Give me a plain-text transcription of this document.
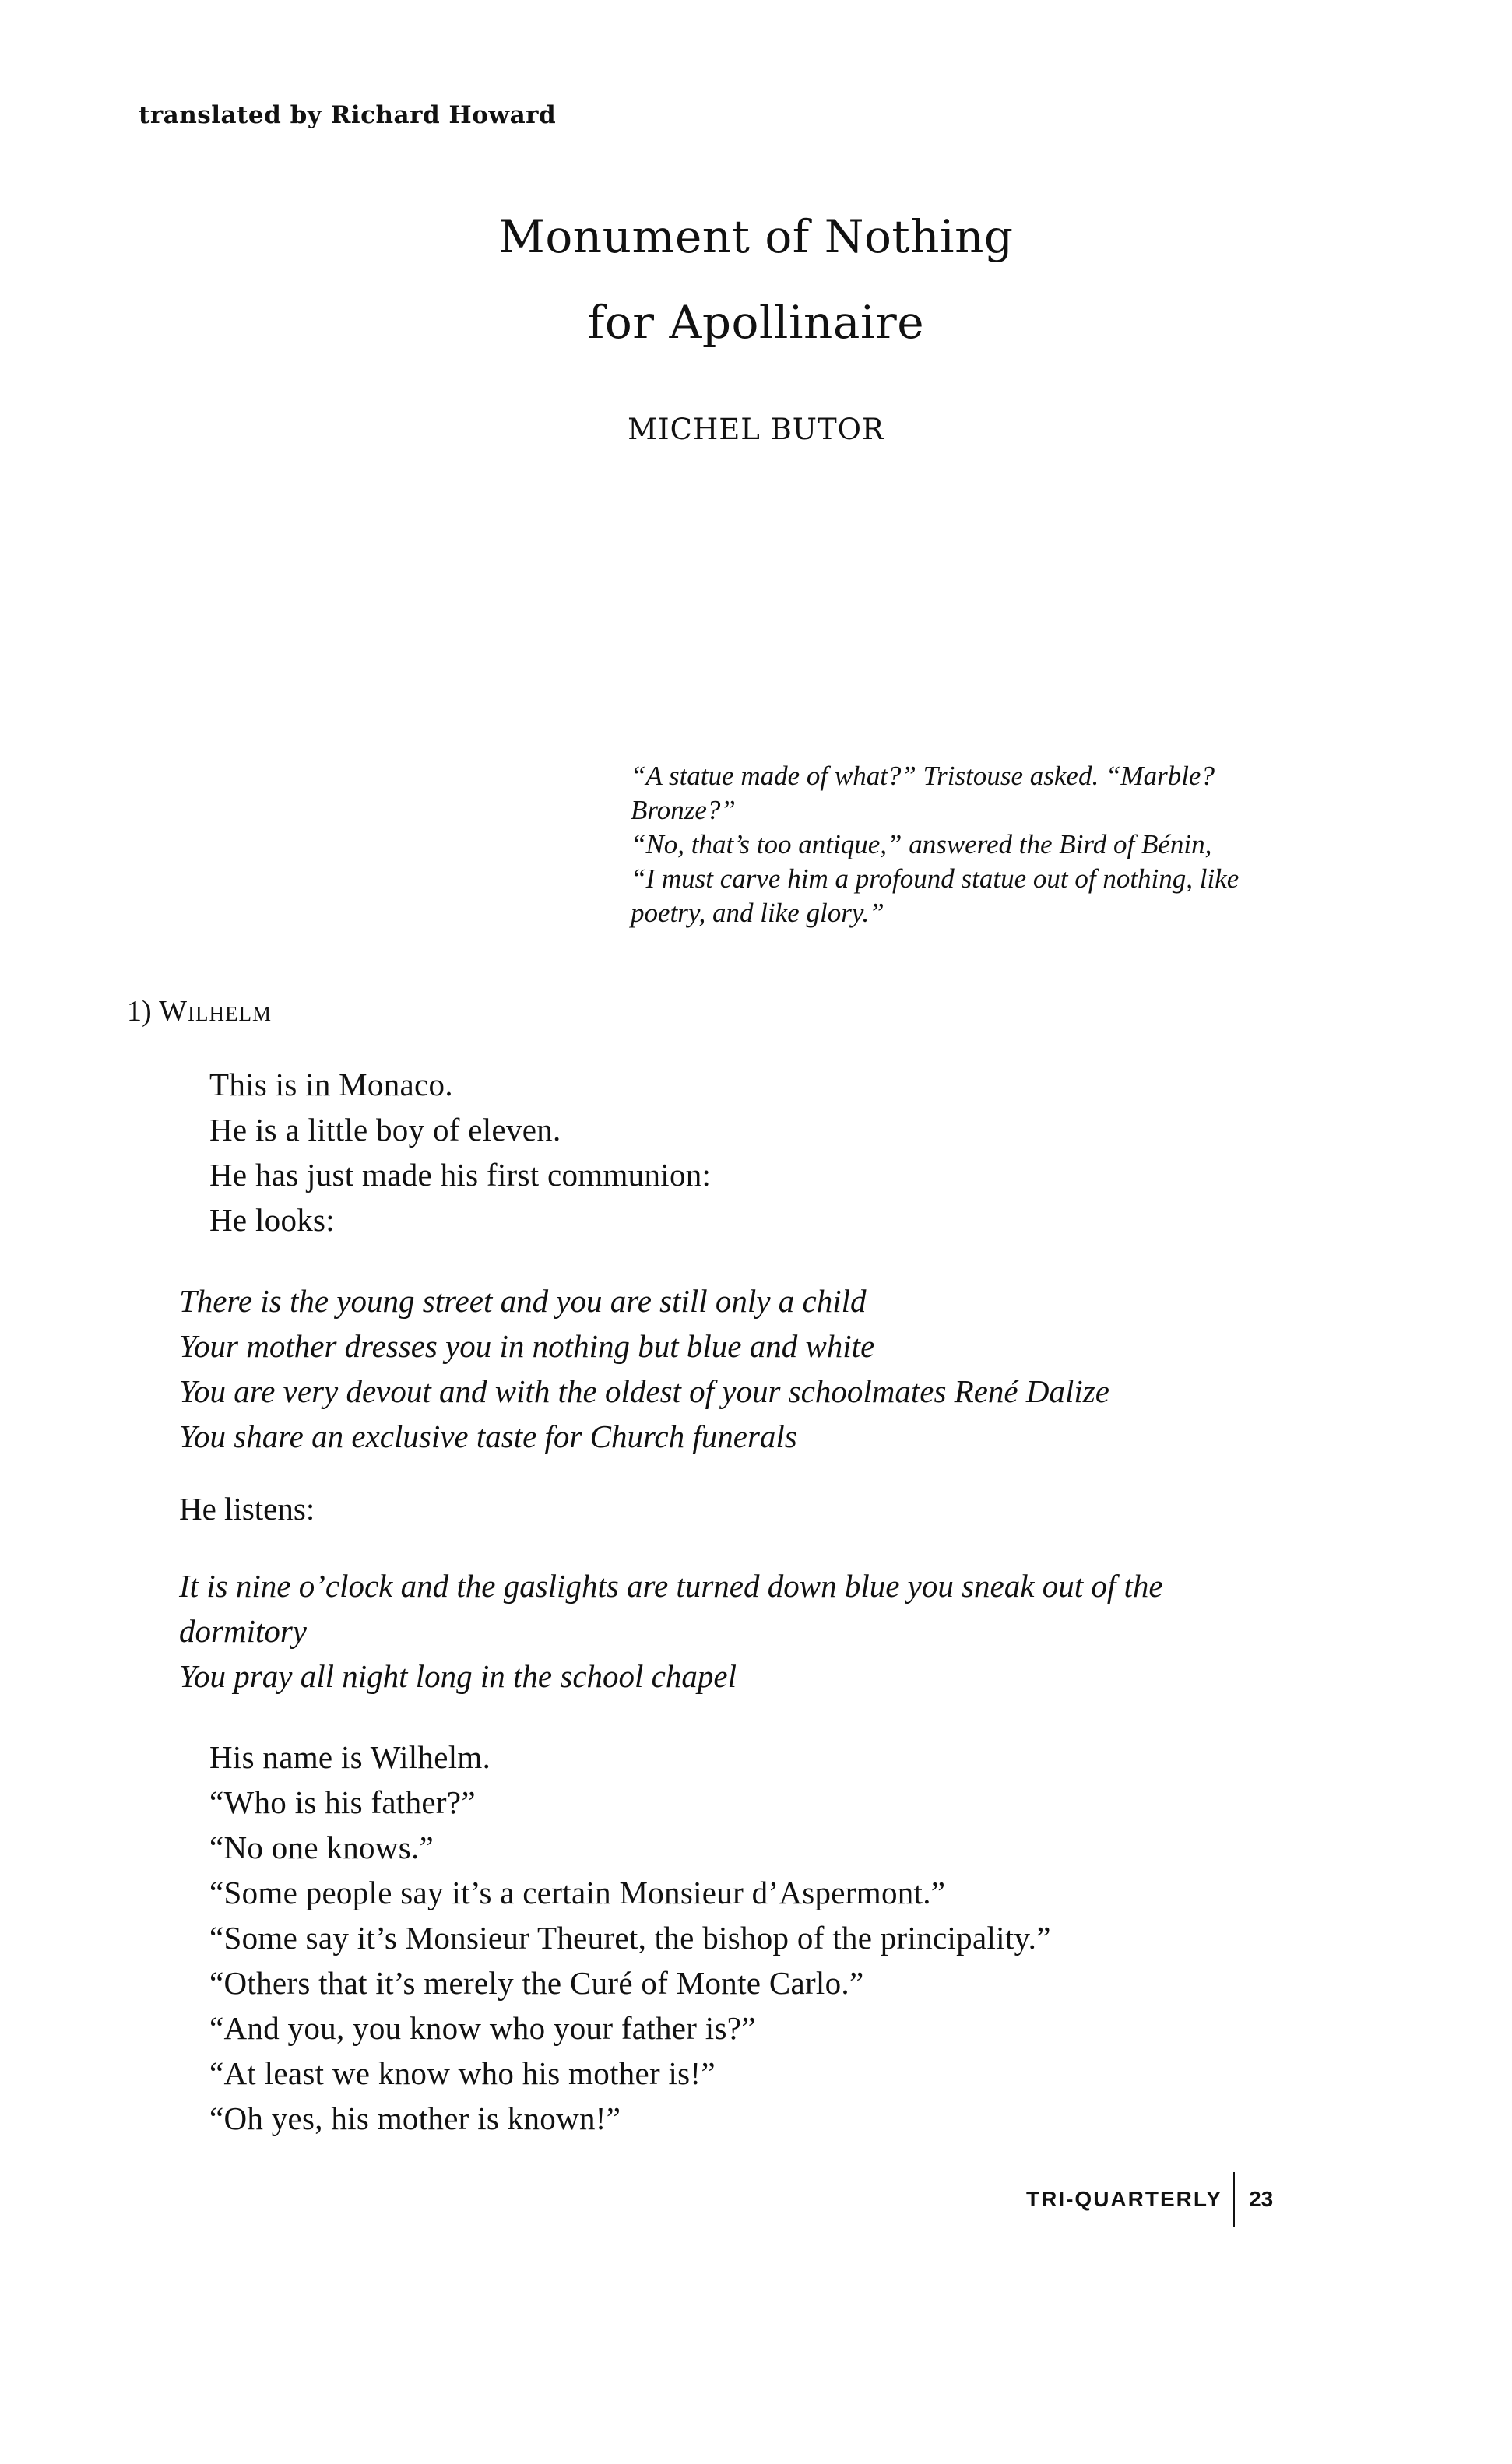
translated by Richard Howard
Monument of Nothing
for Apollinaire
MICHEL BUTOR
“A statue made of what?” Tristouse asked. “Marble?
Bronze?”
“No, that’s too antique,” answered the Bird of Bénin,
“I must carve him a profound statue out of nothing, like
poetry, and like glory.”
1) Wilhelm
This is in Monaco.
He is a little boy of eleven.
He has just made his first communion:
He looks:
There is the young street and you are still only a child
Your mother dresses you in nothing but blue and white
You are very devout and with the oldest of your schoolmates René Dalize
You share an exclusive taste for Church funerals
He listens:
It is nine o’clock and the gaslights are turned down blue you sneak out of the
dormitory
You pray all night long in the school chapel
His name is Wilhelm.
“Who is his father?”
“No one knows.”
“Some people say it’s a certain Monsieur d’Aspermont.”
“Some say it’s Monsieur Theuret, the bishop of the principality.”
“Others that it’s merely the Curé of Monte Carlo.”
“And you, you know who your father is?”
“At least we know who his mother is!”
“Oh yes, his mother is known!”
TRI-QUARTERLY 23
